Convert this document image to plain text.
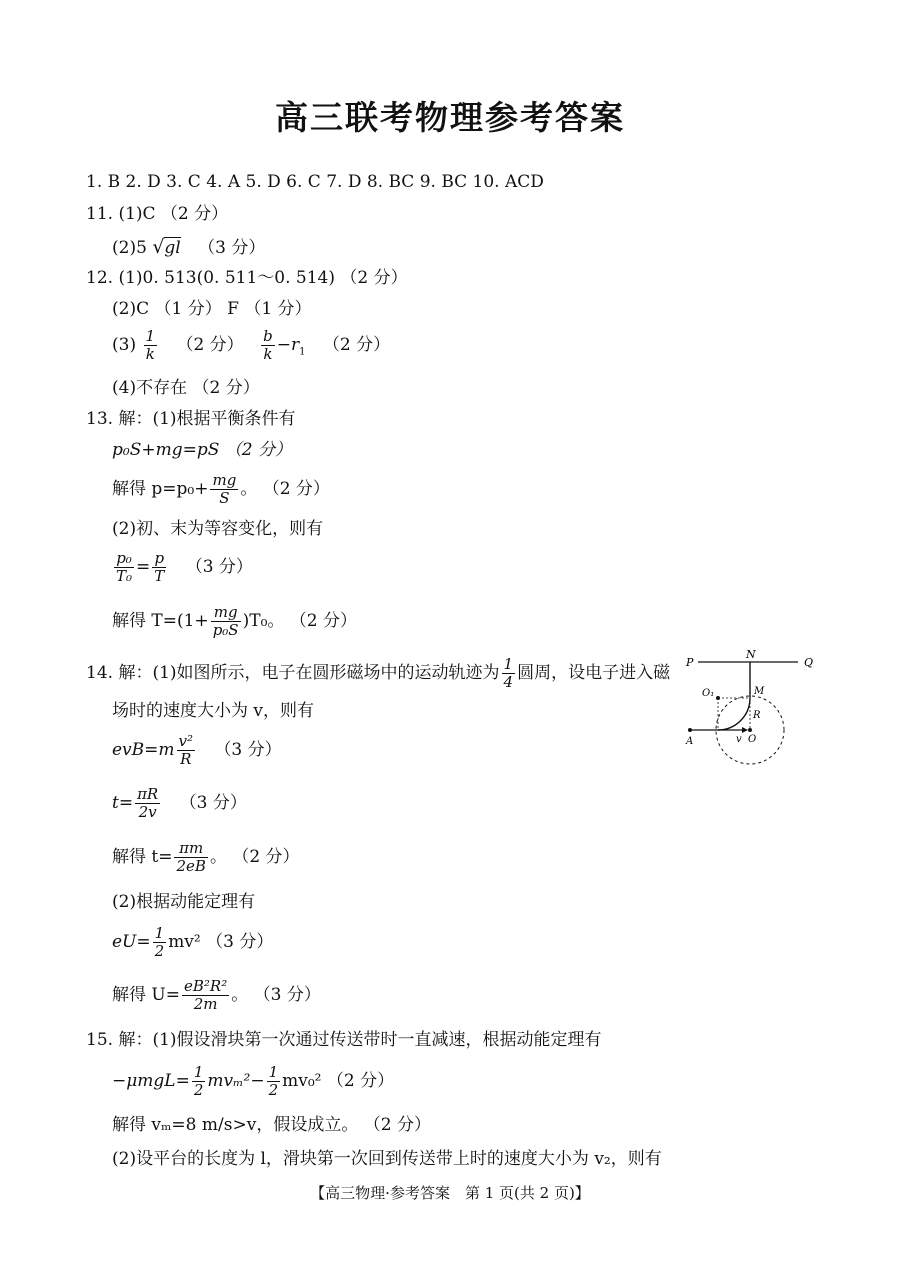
高三联考物理参考答案
1. B 2. D 3. C 4. A 5. D 6. C 7. D 8. BC 9. BC 10. ACD
11. (1)C （2 分）
(2)5 √gl （3 分）
12. (1)0. 513(0. 511～0. 514) （2 分）
(2)C （1 分） F （1 分）
$(3) \frac{1}{k} (2$ 分） $\frac{b}{k} -r_1$ （2 分）
(4)不存在 （2 分）
13. 解：(1)根据平衡条件有
p₀S+mg=pS （2 分）
解得 $p=p_0+ \frac{mg}{S}$ 。 （2 分）
(2)初、末为等容变化，则有
$\frac{\text{p₀}}{\text{T₀}} = \frac{p}{T} (3$ 分）
解得 $T=(1+ \frac{mg}{\text{p₀S}} )T_0$。 （2 分）
14. 解：(1)如图所示，电子在圆形磁场中的运动轨迹为 $\frac{1}{4}$ 圆周，设电子进入磁
场时的速度大小为 v，则有
$evB=m \frac{\text{v²}}{R} (3$ 分）
$t= \frac{\pi R}{2v} (3$ 分）
解得 $t= \frac{\pi m}{2eB}$ 。 （2 分）
(2)根据动能定理有
$eU= \frac{1}{2} mv^2$ （3 分）
解得 $U= \frac{\text{eB²R²}}{2m}$ 。 （3 分）
P
N
Q
O₁	M
R
A	v O
15. 解：(1)假设滑块第一次通过传送带时一直减速，根据动能定理有
$-\mu mgL= \frac{1}{2} mv_m^2- \frac{1}{2} mv_0^2$ （2 分）
解得 vₘ=8 m/s>v，假设成立。 （2 分）
(2)设平台的长度为 l，滑块第一次回到传送带上时的速度大小为 v₂，则有
【高三物理·参考答案　第 1 页(共 2 页)】
